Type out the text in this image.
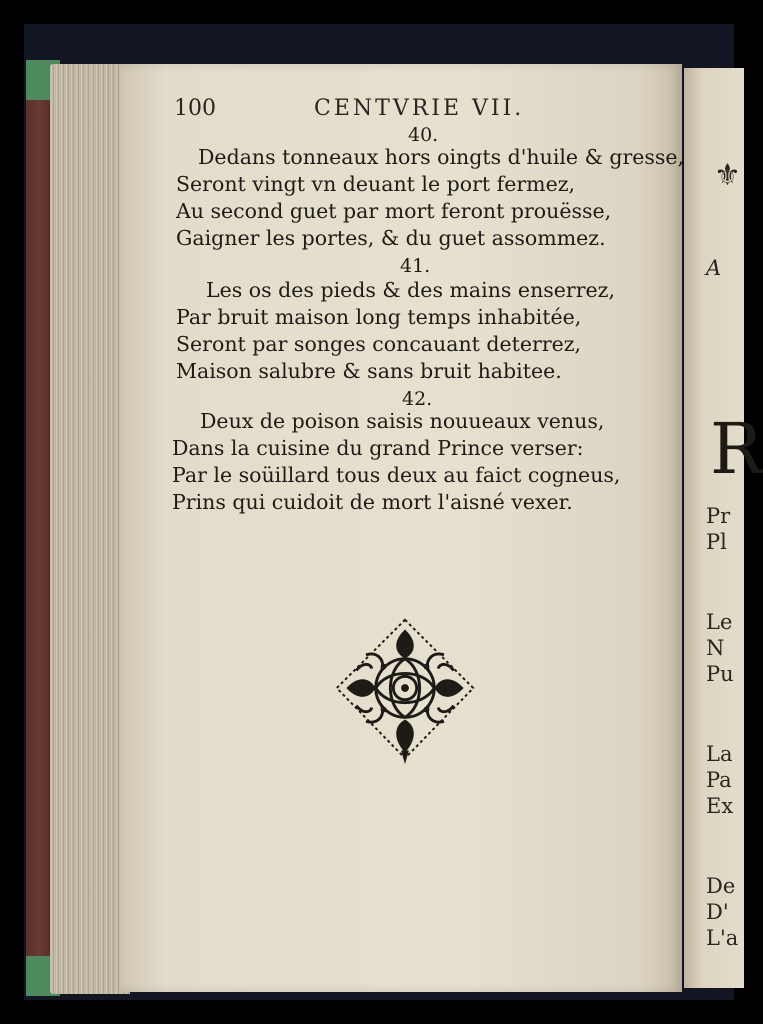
⚜
A
R
Pr
Pl
Le
N
Pu
La
Pa
Ex
De
D'
L'a

100	CENTVRIE VII.
40.
Dedans tonneaux hors oingts d'huile & gresse,
Seront vingt vn deuant le port fermez,
Au second guet par mort feront prouësse,
Gaigner les portes, & du guet assommez.
41.
Les os des pieds & des mains enserrez,
Par bruit maison long temps inhabitée,
Seront par songes concauant deterrez,
Maison salubre & sans bruit habitee.
42.
Deux de poison saisis nouueaux venus,
Dans la cuisine du grand Prince verser:
Par le soüillard tous deux au faict cogneus,
Prins qui cuidoit de mort l'aisné vexer.
